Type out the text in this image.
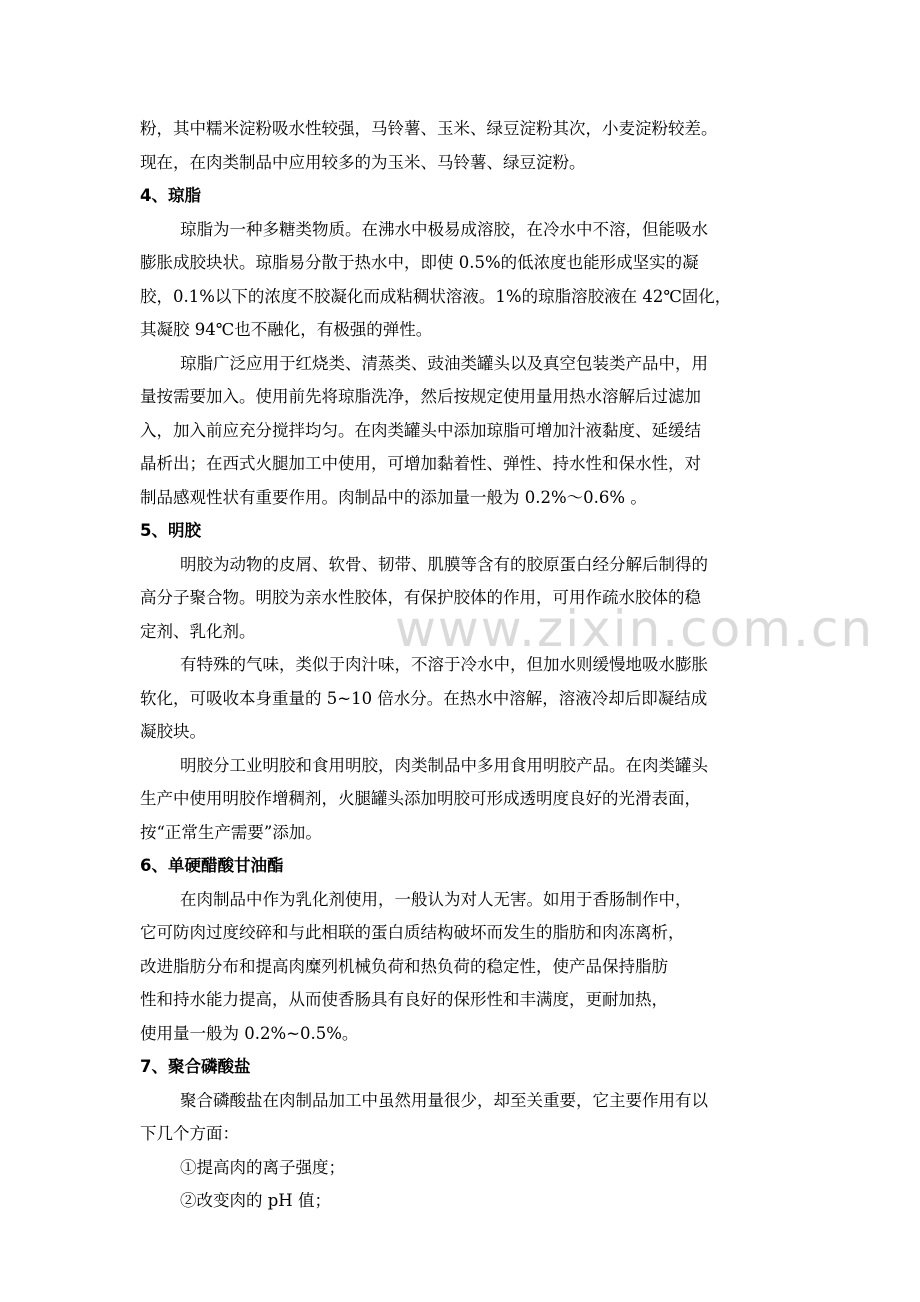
www.zixin.com.cn
粉，其中糯米淀粉吸水性较强，马铃薯、玉米、绿豆淀粉其次，小麦淀粉较差。
现在，在肉类制品中应用较多的为玉米、马铃薯、绿豆淀粉。
4、琼脂
琼脂为一种多糖类物质。在沸水中极易成溶胶，在冷水中不溶，但能吸水
膨胀成胶块状。琼脂易分散于热水中，即使 0.5%的低浓度也能形成坚实的凝
胶，0.1%以下的浓度不胶凝化而成粘稠状溶液。1%的琼脂溶胶液在 42℃固化，
其凝胶 94℃也不融化，有极强的弹性。
琼脂广泛应用于红烧类、清蒸类、豉油类罐头以及真空包装类产品中，用
量按需要加入。使用前先将琼脂洗净，然后按规定使用量用热水溶解后过滤加
入，加入前应充分搅拌均匀。在肉类罐头中添加琼脂可增加汁液黏度、延缓结
晶析出；在西式火腿加工中使用，可增加黏着性、弹性、持水性和保水性，对
制品感观性状有重要作用。肉制品中的添加量一般为 0.2%～0.6% 。
5、明胶
明胶为动物的皮屑、软骨、韧带、肌膜等含有的胶原蛋白经分解后制得的
高分子聚合物。明胶为亲水性胶体，有保护胶体的作用，可用作疏水胶体的稳
定剂、乳化剂。
有特殊的气味，类似于肉汁味，不溶于冷水中，但加水则缓慢地吸水膨胀
软化，可吸收本身重量的 5~10 倍水分。在热水中溶解，溶液冷却后即凝结成
凝胶块。
明胶分工业明胶和食用明胶，肉类制品中多用食用明胶产品。在肉类罐头
生产中使用明胶作增稠剂，火腿罐头添加明胶可形成透明度良好的光滑表面，
按“正常生产需要”添加。
6、单硬醋酸甘油酯
在肉制品中作为乳化剂使用，一般认为对人无害。如用于香肠制作中，
它可防肉过度绞碎和与此相联的蛋白质结构破坏而发生的脂肪和肉冻离析，
改进脂肪分布和提高肉糜列机械负荷和热负荷的稳定性，使产品保持脂肪
性和持水能力提高，从而使香肠具有良好的保形性和丰满度，更耐加热，
使用量一般为 0.2%~0.5%。
7、聚合磷酸盐
聚合磷酸盐在肉制品加工中虽然用量很少，却至关重要，它主要作用有以
下几个方面：
①提高肉的离子强度；
②改变肉的 pH 值；
